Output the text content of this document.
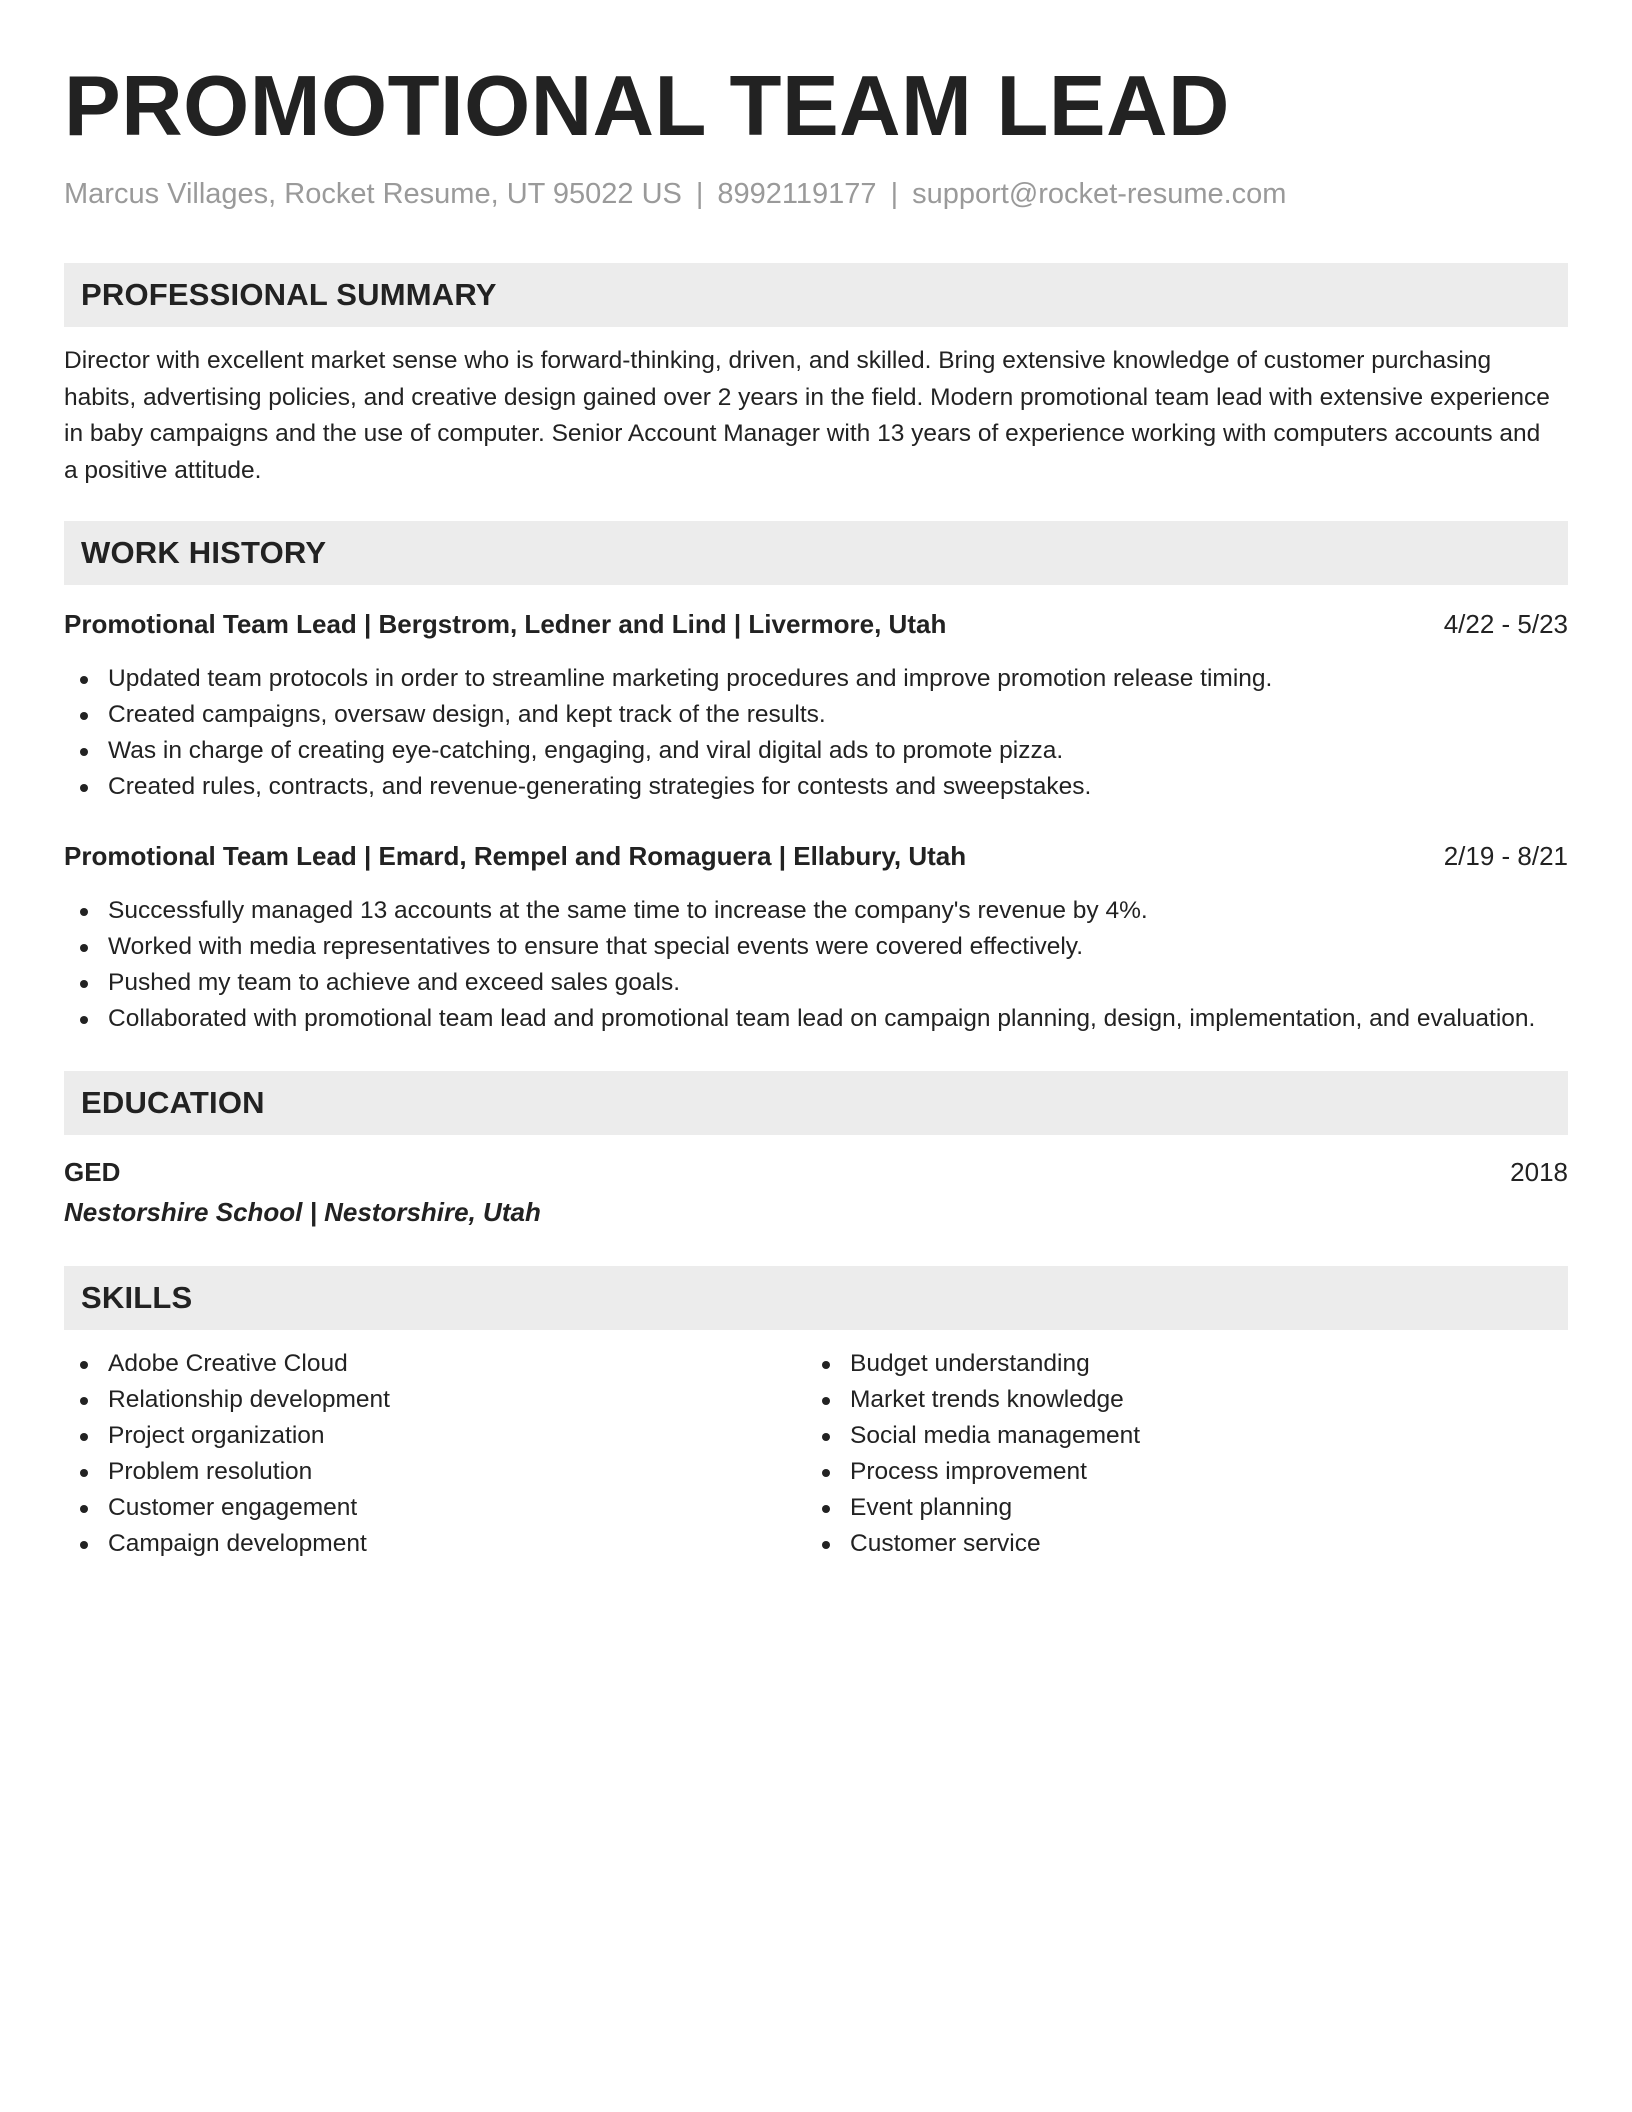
PROMOTIONAL TEAM LEAD
Marcus Villages, Rocket Resume, UT 95022 US | 8992119177 | support@rocket-resume.com
PROFESSIONAL SUMMARY

Director with excellent market sense who is forward-thinking, driven, and skilled. Bring extensive knowledge of customer purchasing habits, advertising policies, and creative design gained over 2 years in the field. Modern promotional team lead with extensive experience in baby campaigns and the use of computer. Senior Account Manager with 13 years of experience working with computers accounts and a positive attitude.

WORK HISTORY
Promotional Team Lead | Bergstrom, Ledner and Lind | Livermore, Utah	4/22 - 5/23
Updated team protocols in order to streamline marketing procedures and improve promotion release timing.
Created campaigns, oversaw design, and kept track of the results.
Was in charge of creating eye-catching, engaging, and viral digital ads to promote pizza.
Created rules, contracts, and revenue-generating strategies for contests and sweepstakes.
Promotional Team Lead | Emard, Rempel and Romaguera | Ellabury, Utah	2/19 - 8/21
Successfully managed 13 accounts at the same time to increase the company's revenue by 4%.
Worked with media representatives to ensure that special events were covered effectively.
Pushed my team to achieve and exceed sales goals.
Collaborated with promotional team lead and promotional team lead on campaign planning, design, implementation, and evaluation.
EDUCATION
GED	2018
Nestorshire School | Nestorshire, Utah
SKILLS
Adobe Creative Cloud
Relationship development
Project organization
Problem resolution
Customer engagement
Campaign development
Budget understanding
Market trends knowledge
Social media management
Process improvement
Event planning
Customer service
